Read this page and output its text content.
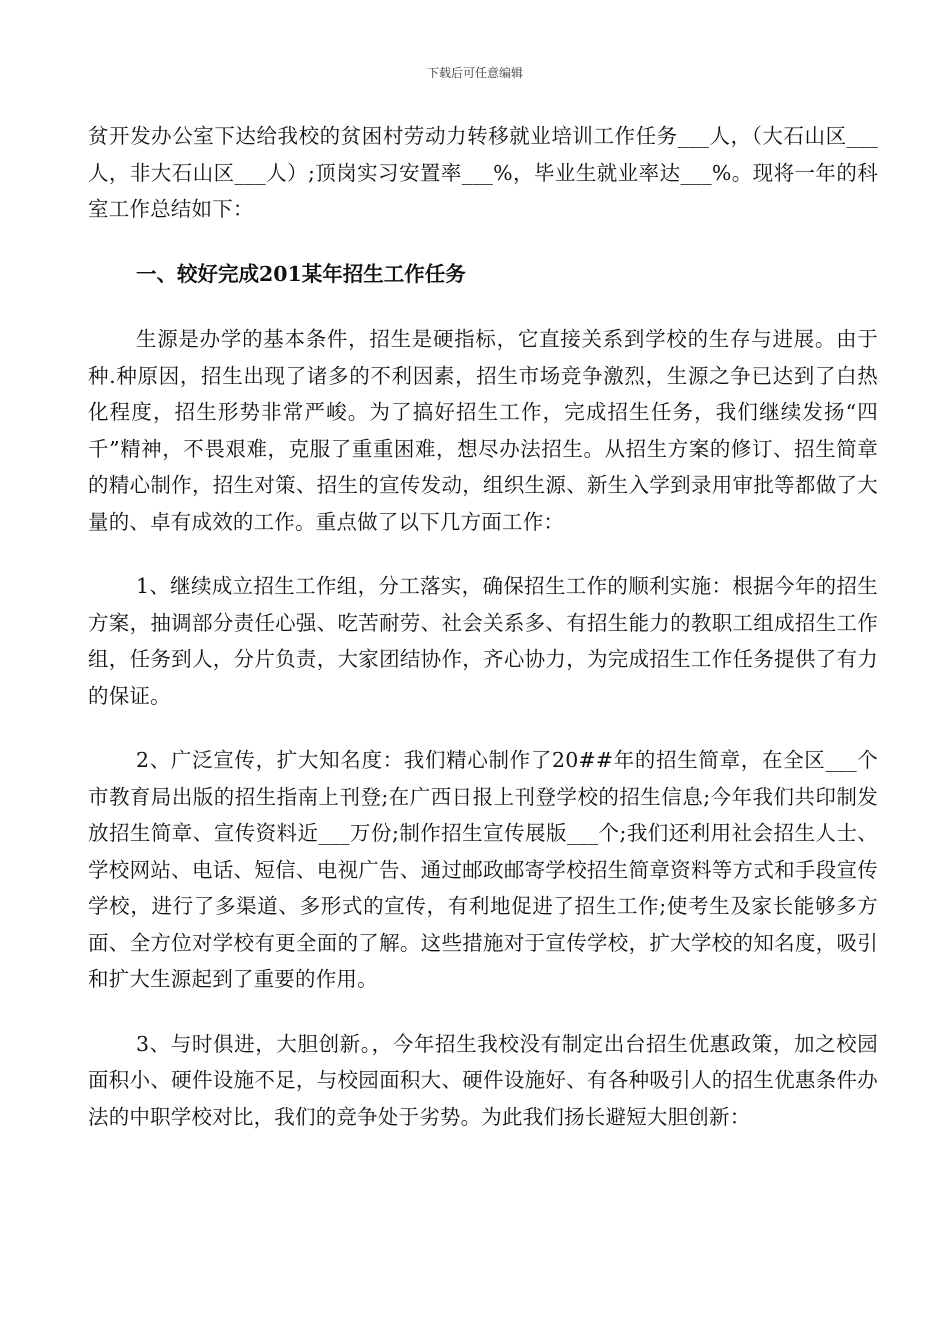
下载后可任意编辑

贫开发办公室下达给我校的贫困村劳动力转移就业培训工作任务___人，（大石山区___人，非大石山区___人）;顶岗实习安置率___%，毕业生就业率达___%。现将一年的科室工作总结如下：

一、较好完成201某年招生工作任务

生源是办学的基本条件，招生是硬指标，它直接关系到学校的生存与进展。由于种.种原因，招生出现了诸多的不利因素，招生市场竞争激烈，生源之争已达到了白热化程度，招生形势非常严峻。为了搞好招生工作，完成招生任务，我们继续发扬“四千”精神，不畏艰难，克服了重重困难，想尽办法招生。从招生方案的修订、招生简章的精心制作，招生对策、招生的宣传发动，组织生源、新生入学到录用审批等都做了大量的、卓有成效的工作。重点做了以下几方面工作：

1、继续成立招生工作组，分工落实，确保招生工作的顺利实施：根据今年的招生方案，抽调部分责任心强、吃苦耐劳、社会关系多、有招生能力的教职工组成招生工作组，任务到人，分片负责，大家团结协作，齐心协力，为完成招生工作任务提供了有力的保证。

2、广泛宣传，扩大知名度：我们精心制作了20##年的招生简章，在全区___个市教育局出版的招生指南上刊登;在广西日报上刊登学校的招生信息;今年我们共印制发放招生简章、宣传资料近___万份;制作招生宣传展版___个;我们还利用社会招生人士、学校网站、电话、短信、电视广告、通过邮政邮寄学校招生简章资料等方式和手段宣传学校，进行了多渠道、多形式的宣传，有利地促进了招生工作;使考生及家长能够多方面、全方位对学校有更全面的了解。这些措施对于宣传学校，扩大学校的知名度，吸引和扩大生源起到了重要的作用。

3、与时俱进，大胆创新。，今年招生我校没有制定出台招生优惠政策，加之校园面积小、硬件设施不足，与校园面积大、硬件设施好、有各种吸引人的招生优惠条件办法的中职学校对比，我们的竞争处于劣势。为此我们扬长避短大胆创新：
